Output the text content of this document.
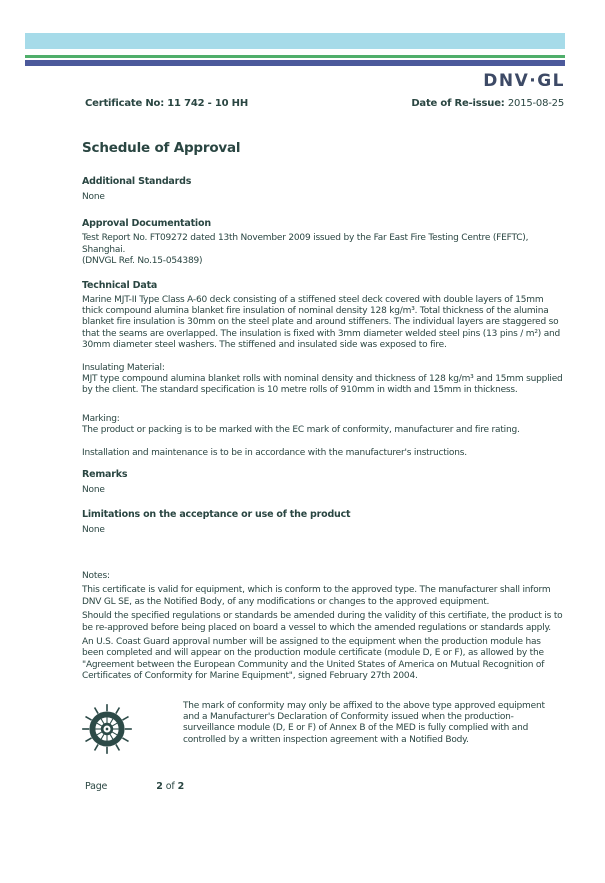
DNV·GL
Certificate No: 11 742 - 10 HH	Date of Re-issue: 2015-08-25
Schedule of Approval
Additional Standards
None
Approval Documentation
Test Report No. FT09272 dated 13th November 2009 issued by the Far East Fire Testing Centre (FEFTC), Shanghai.
(DNVGL Ref. No.15-054389)
Technical Data
Marine MJT-II Type Class A-60 deck consisting of a stiffened steel deck covered with double layers of 15mm thick compound alumina blanket fire insulation of nominal density 128 kg/m³. Total thickness of the alumina blanket fire insulation is 30mm on the steel plate and around stiffeners. The individual layers are staggered so that the seams are overlapped. The insulation is fixed with 3mm diameter welded steel pins (13 pins / m²) and 30mm diameter steel washers. The stiffened and insulated side was exposed to fire.
Insulating Material:
MJT type compound alumina blanket rolls with nominal density and thickness of 128 kg/m³ and 15mm supplied by the client. The standard specification is 10 metre rolls of 910mm in width and 15mm in thickness.
Marking:
The product or packing is to be marked with the EC mark of conformity, manufacturer and fire rating.
Installation and maintenance is to be in accordance with the manufacturer's instructions.
Remarks
None
Limitations on the acceptance or use of the product
None
Notes:
This certificate is valid for equipment, which is conform to the approved type. The manufacturer shall inform DNV GL SE, as the Notified Body, of any modifications or changes to the approved equipment.
Should the specified regulations or standards be amended during the validity of this certifiate, the product is to be re-approved before being placed on board a vessel to which the amended regulations or standards apply.
An U.S. Coast Guard approval number will be assigned to the equipment when the production module has been completed and will appear on the production module certificate (module D, E or F), as allowed by the "Agreement between the European Community and the United States of America on Mutual Recognition of Certificates of Conformity for Marine Equipment", signed February 27th 2004.
The mark of conformity may only be affixed to the above type approved equipment and a Manufacturer's Declaration of Conformity issued when the production-surveillance module (D, E or F) of Annex B of the MED is fully complied with and controlled by a written inspection agreement with a Notified Body.
Page	2 of 2
